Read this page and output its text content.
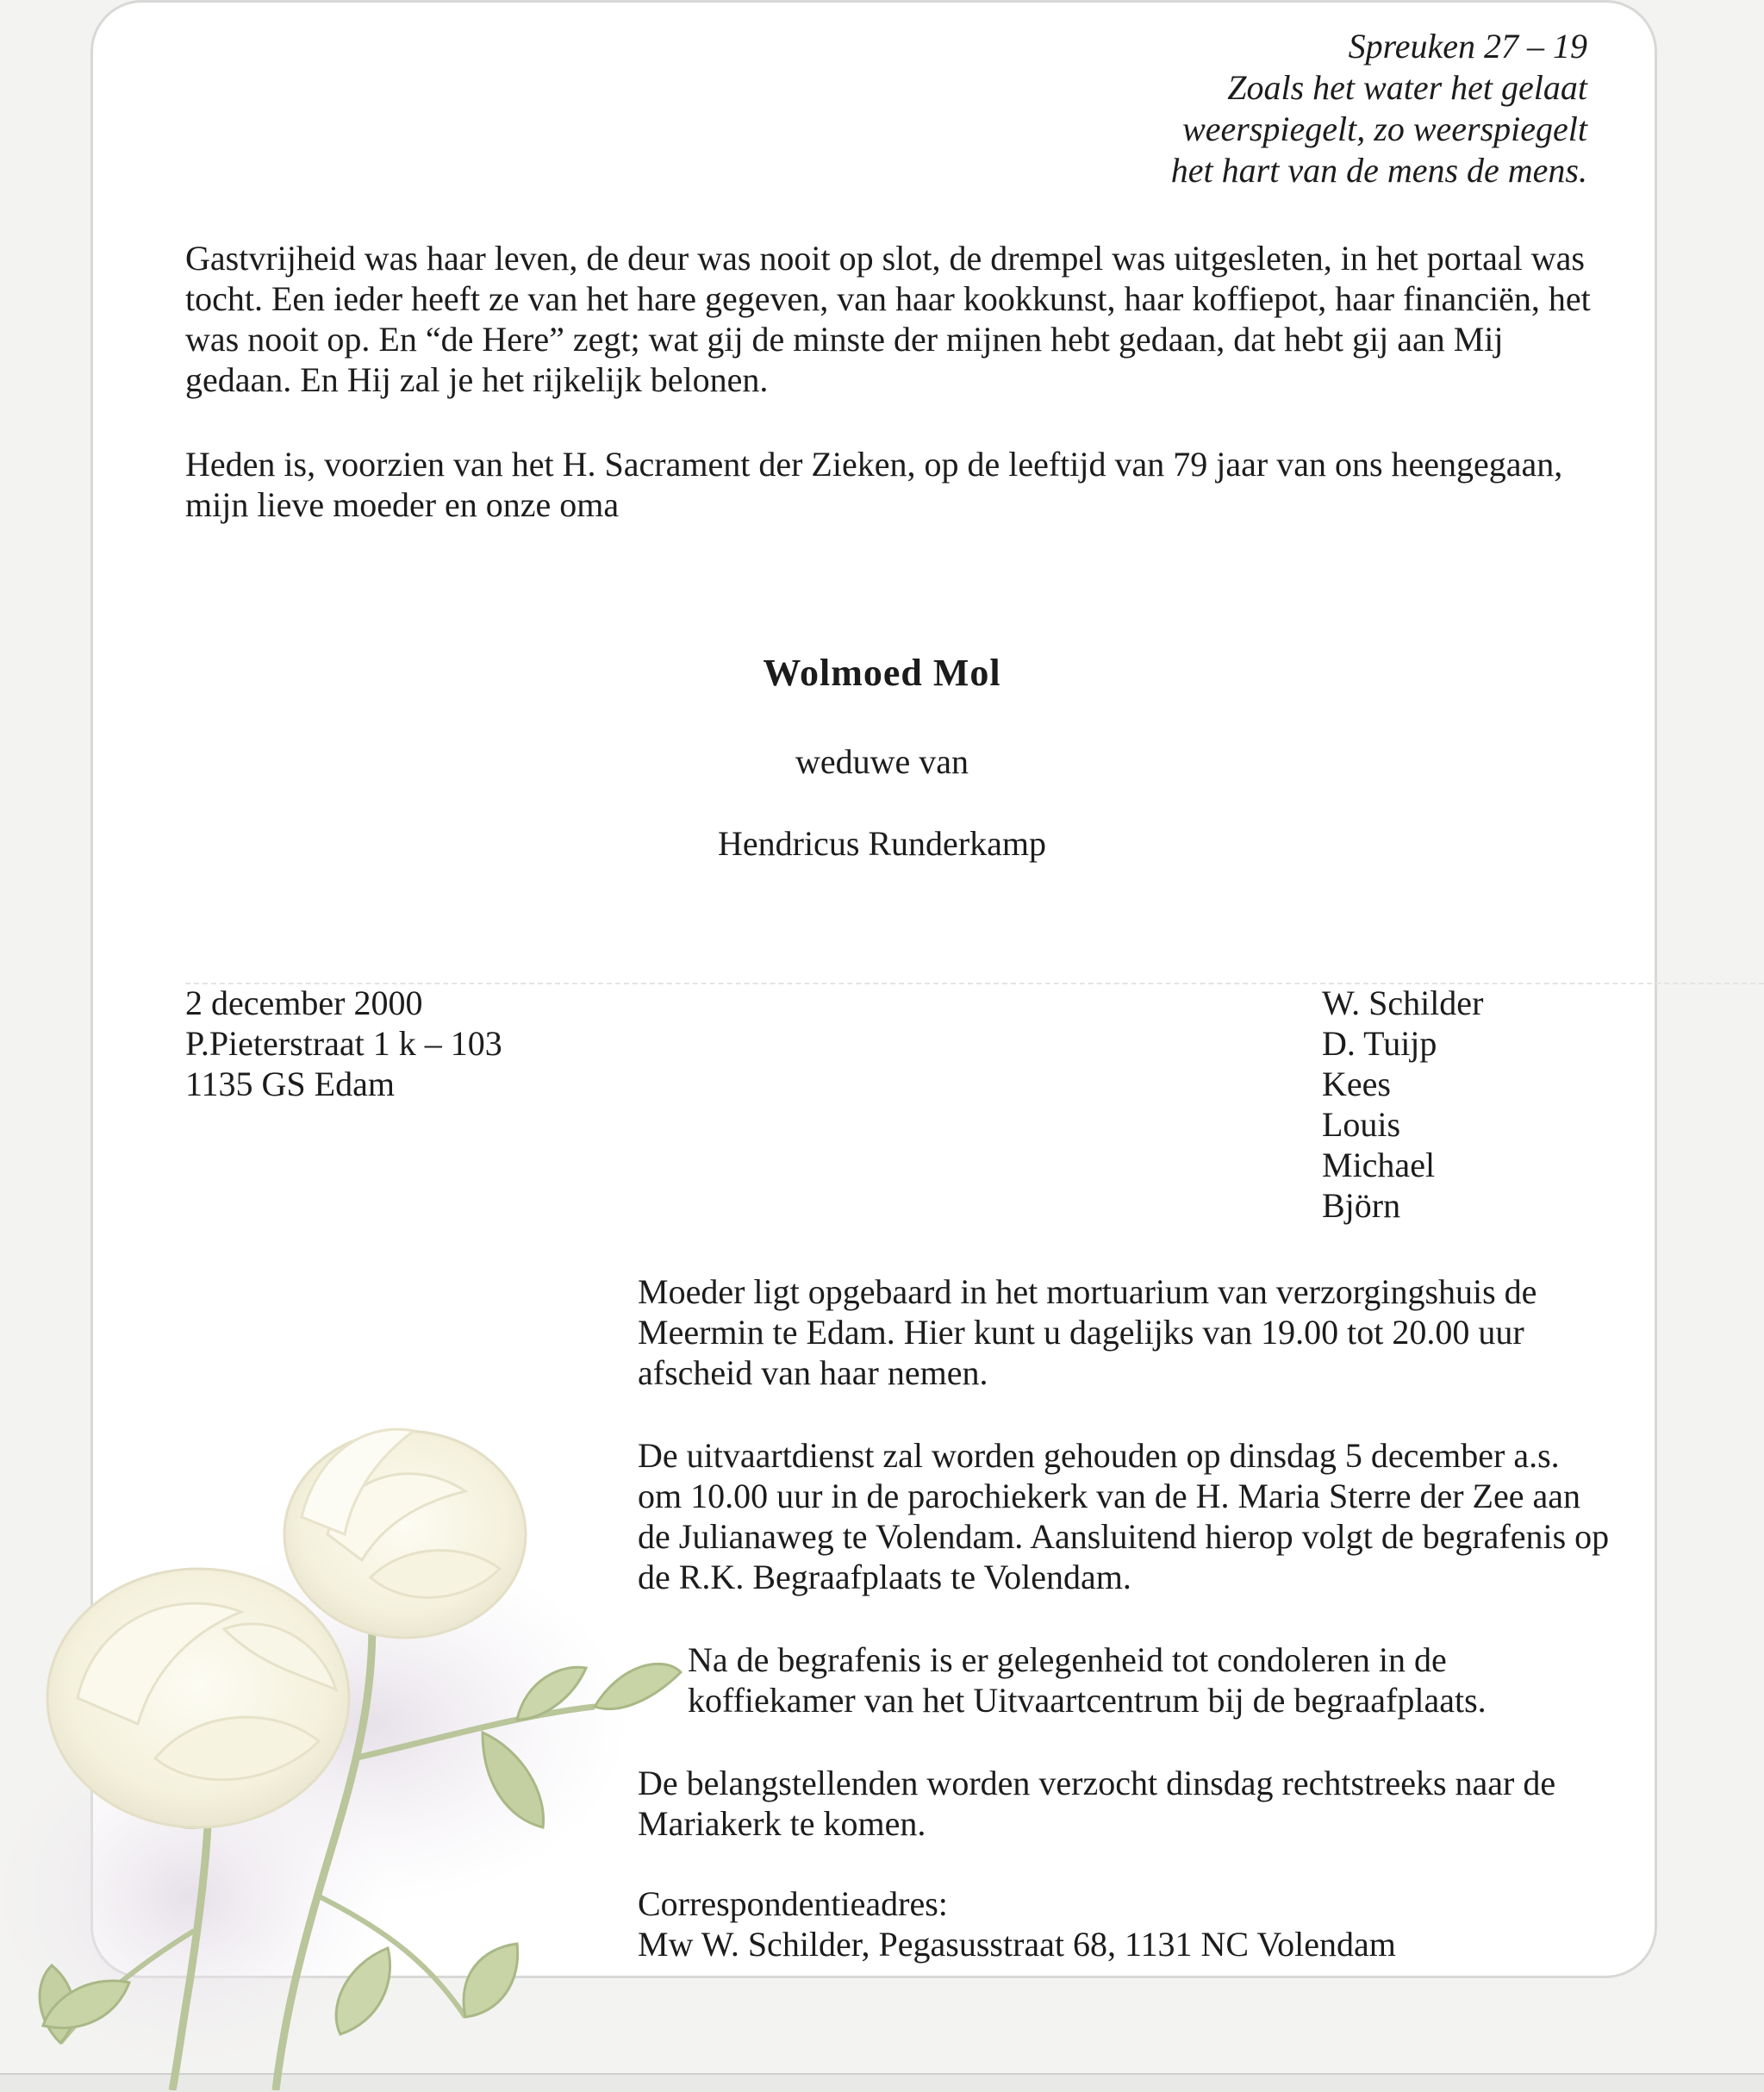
Spreuken 27 – 19
Zoals het water het gelaat
weerspiegelt, zo weerspiegelt
het hart van de mens de mens.
Gastvrijheid was haar leven, de deur was nooit op slot, de drempel was uitgesleten, in het portaal was tocht. Een ieder heeft ze van het hare gegeven, van haar kookkunst, haar koffiepot, haar financiën, het was nooit op. En “de Here” zegt; wat gij de minste der mijnen hebt gedaan, dat hebt gij aan Mij gedaan. En Hij zal je het rijkelijk belonen.
Heden is, voorzien van het H. Sacrament der Zieken, op de leeftijd van 79 jaar van ons heengegaan, mijn lieve moeder en onze oma
Wolmoed Mol
weduwe van
Hendricus Runderkamp
2 december 2000
P.Pieterstraat 1 k – 103
1135 GS Edam
W. Schilder
D. Tuijp
Kees
Louis
Michael
Björn
Moeder ligt opgebaard in het mortuarium van verzorgingshuis de Meermin te Edam. Hier kunt u dagelijks van 19.00 tot 20.00 uur afscheid van haar nemen.
De uitvaartdienst zal worden gehouden op dinsdag 5 december a.s. om 10.00 uur in de parochiekerk van de H. Maria Sterre der Zee aan de Julianaweg te Volendam. Aansluitend hierop volgt de begrafenis op de R.K. Begraafplaats te Volendam.
Na de begrafenis is er gelegenheid tot condoleren in de koffiekamer van het Uitvaartcentrum bij de begraafplaats.
De belangstellenden worden verzocht dinsdag rechtstreeks naar de Mariakerk te komen.
Correspondentieadres:
Mw W. Schilder, Pegasusstraat 68, 1131 NC Volendam
